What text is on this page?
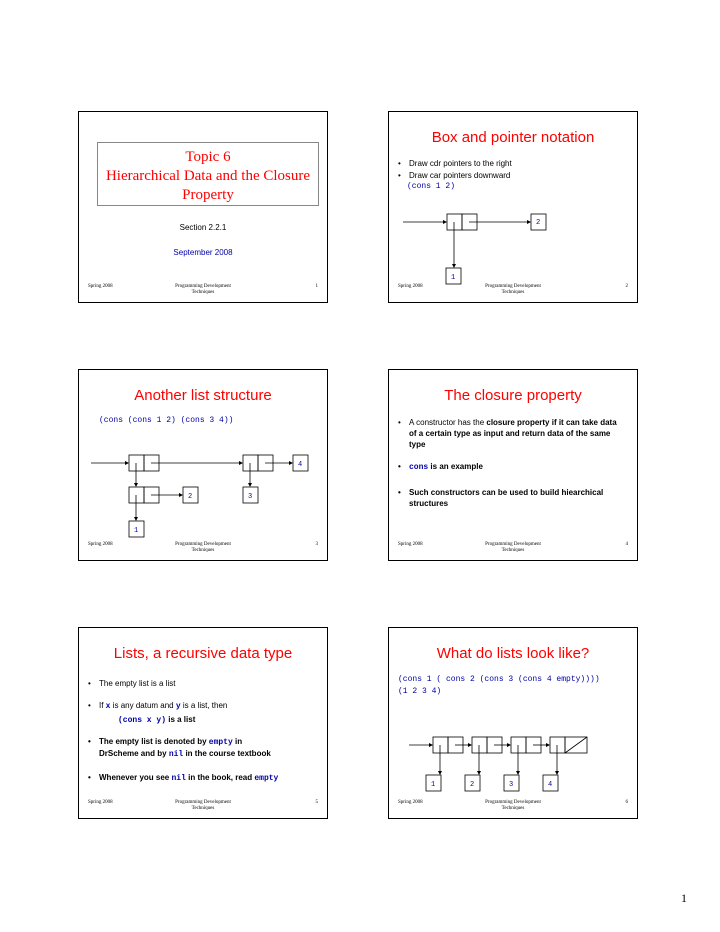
Topic 6
Hierarchical Data and the Closure
Property
Section 2.2.1
September 2008
Spring 2008	Programming Development
Techniques
1
Box and pointer notation
• Draw cdr pointers to the right
• Draw car pointers downward
(cons 1 2)
2
1
Spring 2008	Programming Development
Techniques
2
Another list structure
(cons (cons 1 2) (cons 3 4))
4
3
2
1
Spring 2008	Programming Development
Techniques
3
The closure property
•	A constructor has the closure property if it can take data of a certain type as input and return data of the same type
•	cons is an example
•	Such constructors can be used to build hiearchical structures
Spring 2008	Programming Development
Techniques
4
Lists, a recursive data type
• The empty list is a list
•	If x is any datum and y is a list, then
(cons x y) is a list
•	The empty list is denoted by empty in
DrScheme and by nil in the course textbook
•	Whenever you see nil in the book, read empty
Spring 2008	Programming Development
Techniques
5
What do lists look like?
(cons 1 ( cons 2 (cons 3 (cons 4 empty))))
(1 2 3 4)
1	2	3	4
Spring 2008	Programming Development
Techniques
6
1
